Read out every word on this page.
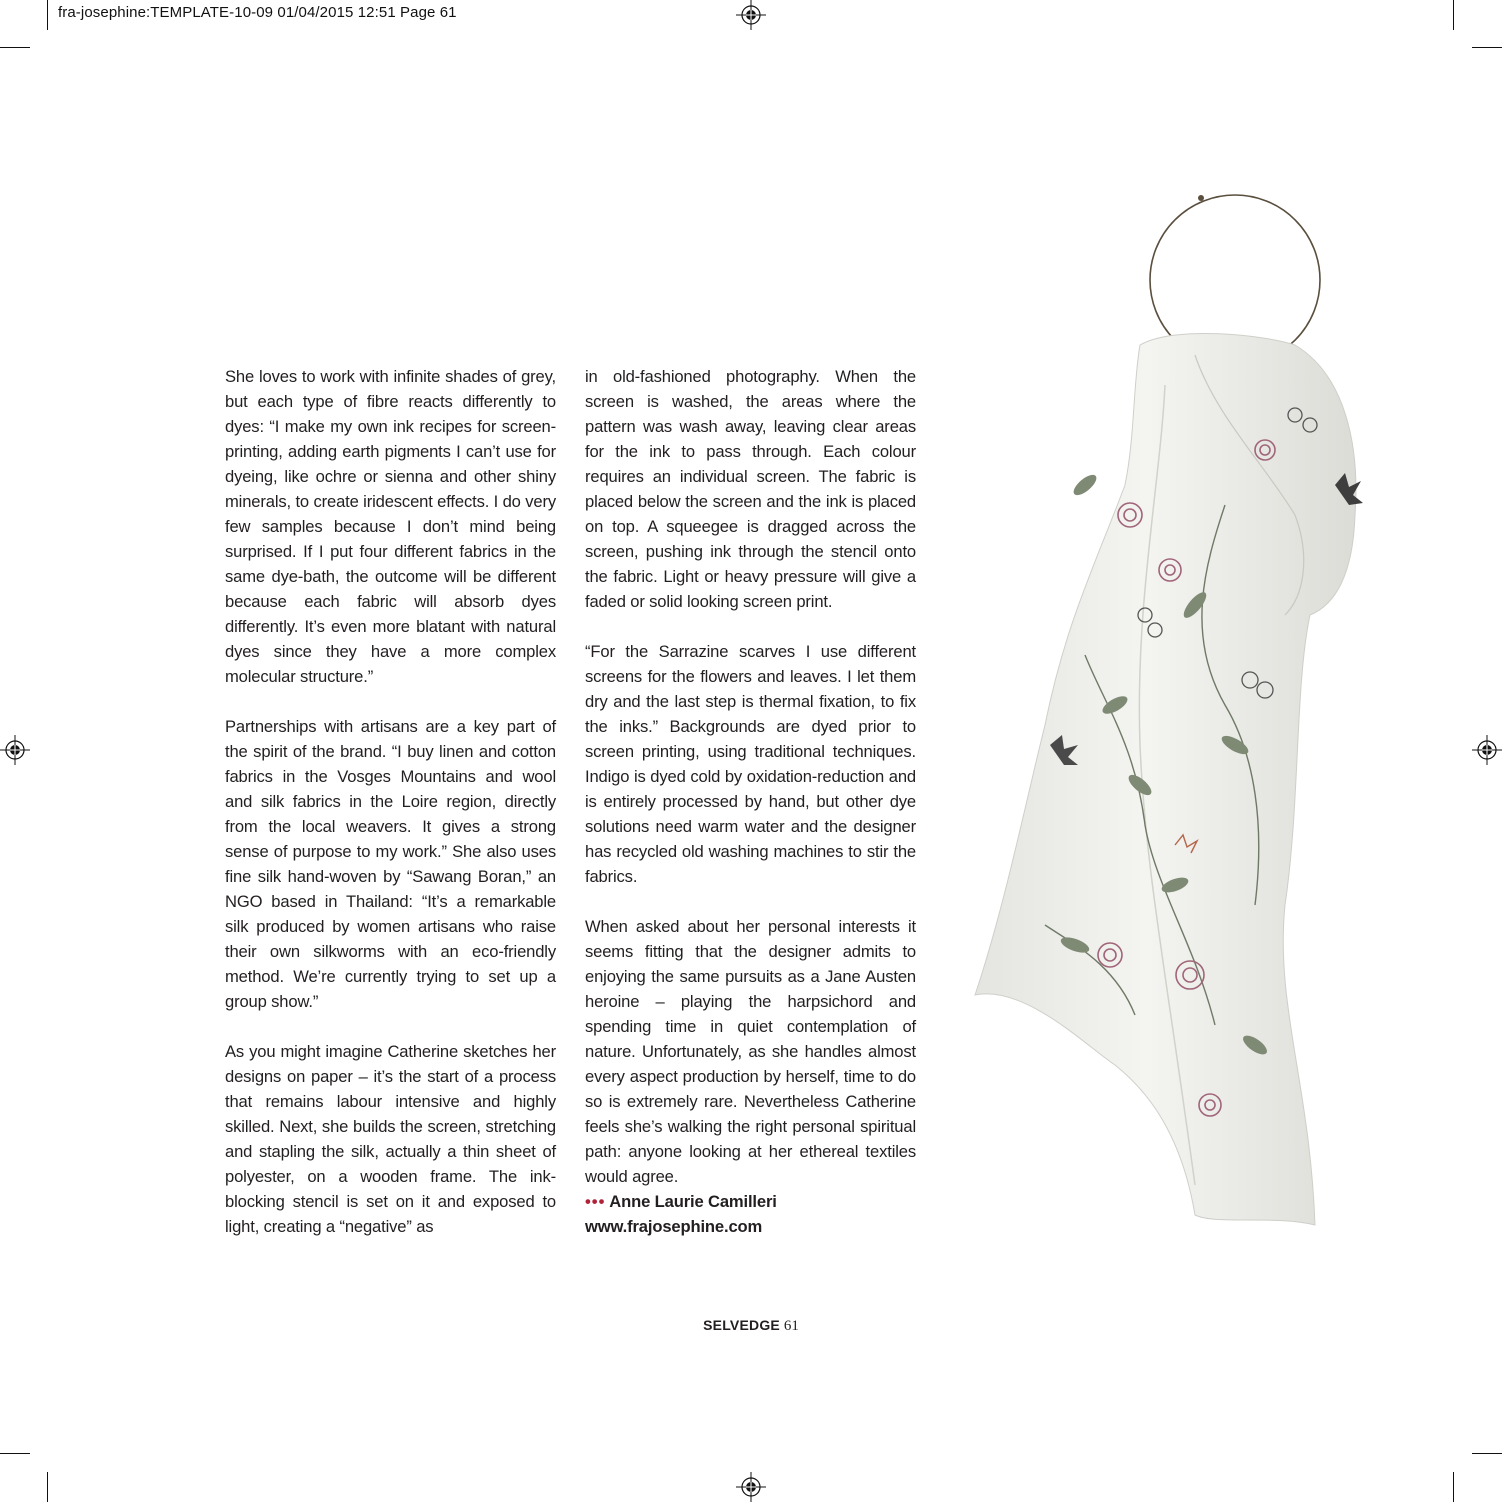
fra-josephine:TEMPLATE-10-09 01/04/2015 12:51 Page 61

She loves to work with infinite shades of grey, but each type of fibre reacts differently to dyes: “I make my own ink recipes for screen-printing, adding earth pigments I can’t use for dyeing, like ochre or sienna and other shiny minerals, to create iridescent effects. I do very few samples because I don’t mind being surprised. If I put four different fabrics in the same dye-bath, the outcome will be different because each fabric will absorb dyes differently. It’s even more blatant with natural dyes since they have a more complex molecular structure.”

Partnerships with artisans are a key part of the spirit of the brand. “I buy linen and cotton fabrics in the Vosges Mountains and wool and silk fabrics in the Loire region, directly from the local weavers. It gives a strong sense of purpose to my work.” She also uses fine silk hand-woven by “Sawang Boran,” an NGO based in Thailand: “It’s a remarkable silk produced by women artisans who raise their own silkworms with an eco-friendly method. We’re currently trying to set up a group show.”

As you might imagine Catherine sketches her designs on paper – it’s the start of a process that remains labour intensive and highly skilled. Next, she builds the screen, stretching and stapling the silk, actually a thin sheet of polyester, on a wooden frame. The ink-blocking stencil is set on it and exposed to light, creating a “negative” as

in old-fashioned photography. When the screen is washed, the areas where the pattern was wash away, leaving clear areas for the ink to pass through. Each colour requires an individual screen. The fabric is placed below the screen and the ink is placed on top. A squeegee is dragged across the screen, pushing ink through the stencil onto the fabric. Light or heavy pressure will give a faded or solid looking screen print.

“For the Sarrazine scarves I use different screens for the flowers and leaves. I let them dry and the last step is thermal fixation, to fix the inks.” Backgrounds are dyed prior to screen printing, using traditional techniques. Indigo is dyed cold by oxidation-reduction and is entirely processed by hand, but other dye solutions need warm water and the designer has recycled old washing machines to stir the fabrics.

When asked about her personal interests it seems fitting that the designer admits to enjoying the same pursuits as a Jane Austen heroine – playing the harpsichord and spending time in quiet contemplation of nature. Unfortunately, as she handles almost every aspect production by herself, time to do so is extremely rare. Nevertheless Catherine feels she’s walking the right personal spiritual path: anyone looking at her ethereal textiles would agree.

••• Anne Laurie Camilleri
www.frajosephine.com
SELVEDGE 61
